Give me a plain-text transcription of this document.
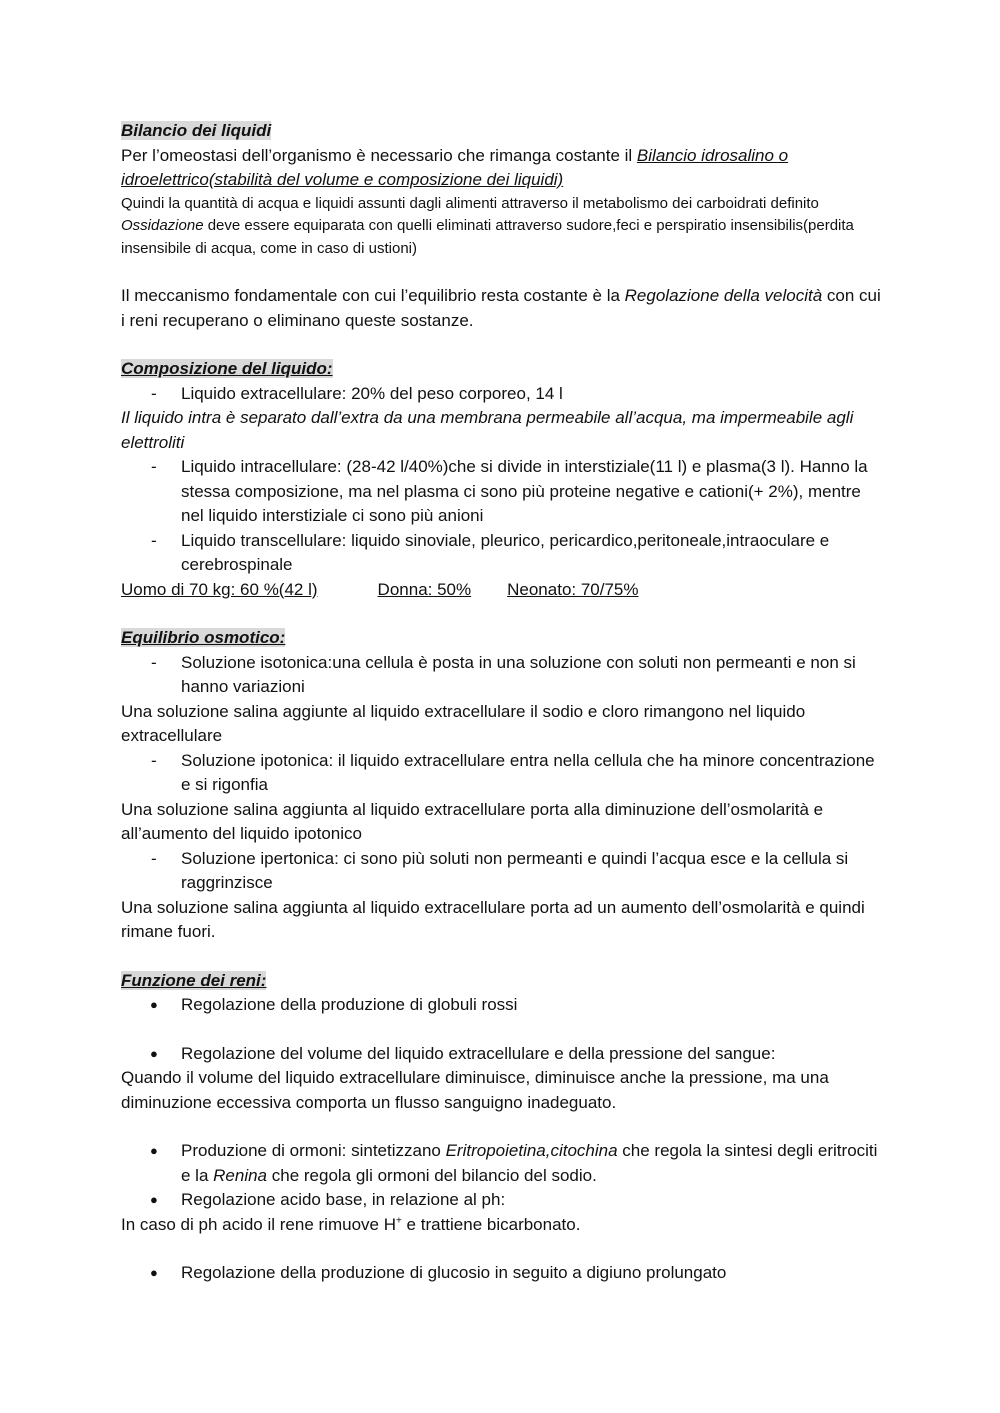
Bilancio dei liquidi

Per l’omeostasi dell’organismo è necessario che rimanga costante il Bilancio idrosalino o idroelettrico(stabilità del volume e composizione dei liquidi)

Quindi la quantità di acqua e liquidi assunti dagli alimenti attraverso il metabolismo dei carboidrati definito Ossidazione deve essere equiparata con quelli eliminati attraverso sudore,feci e perspiratio insensibilis(perdita insensibile di acqua, come in caso di ustioni)

Il meccanismo fondamentale con cui l’equilibrio resta costante è la Regolazione della velocità con cui i reni recuperano o eliminano queste sostanze.

Composizione del liquido:

- Liquido extracellulare: 20% del peso corporeo, 14 l

Il liquido intra è separato dall’extra da una membrana permeabile all’acqua, ma impermeabile agli elettroliti

- Liquido intracellulare: (28-42 l/40%)che si divide in interstiziale(11 l) e plasma(3 l). Hanno la stessa composizione, ma nel plasma ci sono più proteine negative e cationi(+ 2%), mentre nel liquido interstiziale ci sono più anioni
- Liquido transcellulare: liquido sinoviale, pleurico, pericardico,peritoneale,intraoculare e cerebrospinale

Uomo di 70 kg: 60 %(42 l)	Donna: 50% Neonato: 70/75%

Equilibrio osmotico:

- Soluzione isotonica:una cellula è posta in una soluzione con soluti non permeanti e non si hanno variazioni

Una soluzione salina aggiunte al liquido extracellulare il sodio e cloro rimangono nel liquido extracellulare

- Soluzione ipotonica: il liquido extracellulare entra nella cellula che ha minore concentrazione e si rigonfia

Una soluzione salina aggiunta al liquido extracellulare porta alla diminuzione dell’osmolarità e all’aumento del liquido ipotonico

- Soluzione ipertonica: ci sono più soluti non permeanti e quindi l’acqua esce e la cellula si raggrinzisce

Una soluzione salina aggiunta al liquido extracellulare porta ad un aumento dell’osmolarità e quindi rimane fuori.

Funzione dei reni:

● Regolazione della produzione di globuli rossi
● Regolazione del volume del liquido extracellulare e della pressione del sangue:

Quando il volume del liquido extracellulare diminuisce, diminuisce anche la pressione, ma una diminuzione eccessiva comporta un flusso sanguigno inadeguato.

● Produzione di ormoni: sintetizzano Eritropoietina,citochina che regola la sintesi degli eritrociti e la Renina che regola gli ormoni del bilancio del sodio.
● Regolazione acido base, in relazione al ph:

In caso di ph acido il rene rimuove H+ e trattiene bicarbonato.

● Regolazione della produzione di glucosio in seguito a digiuno prolungato
